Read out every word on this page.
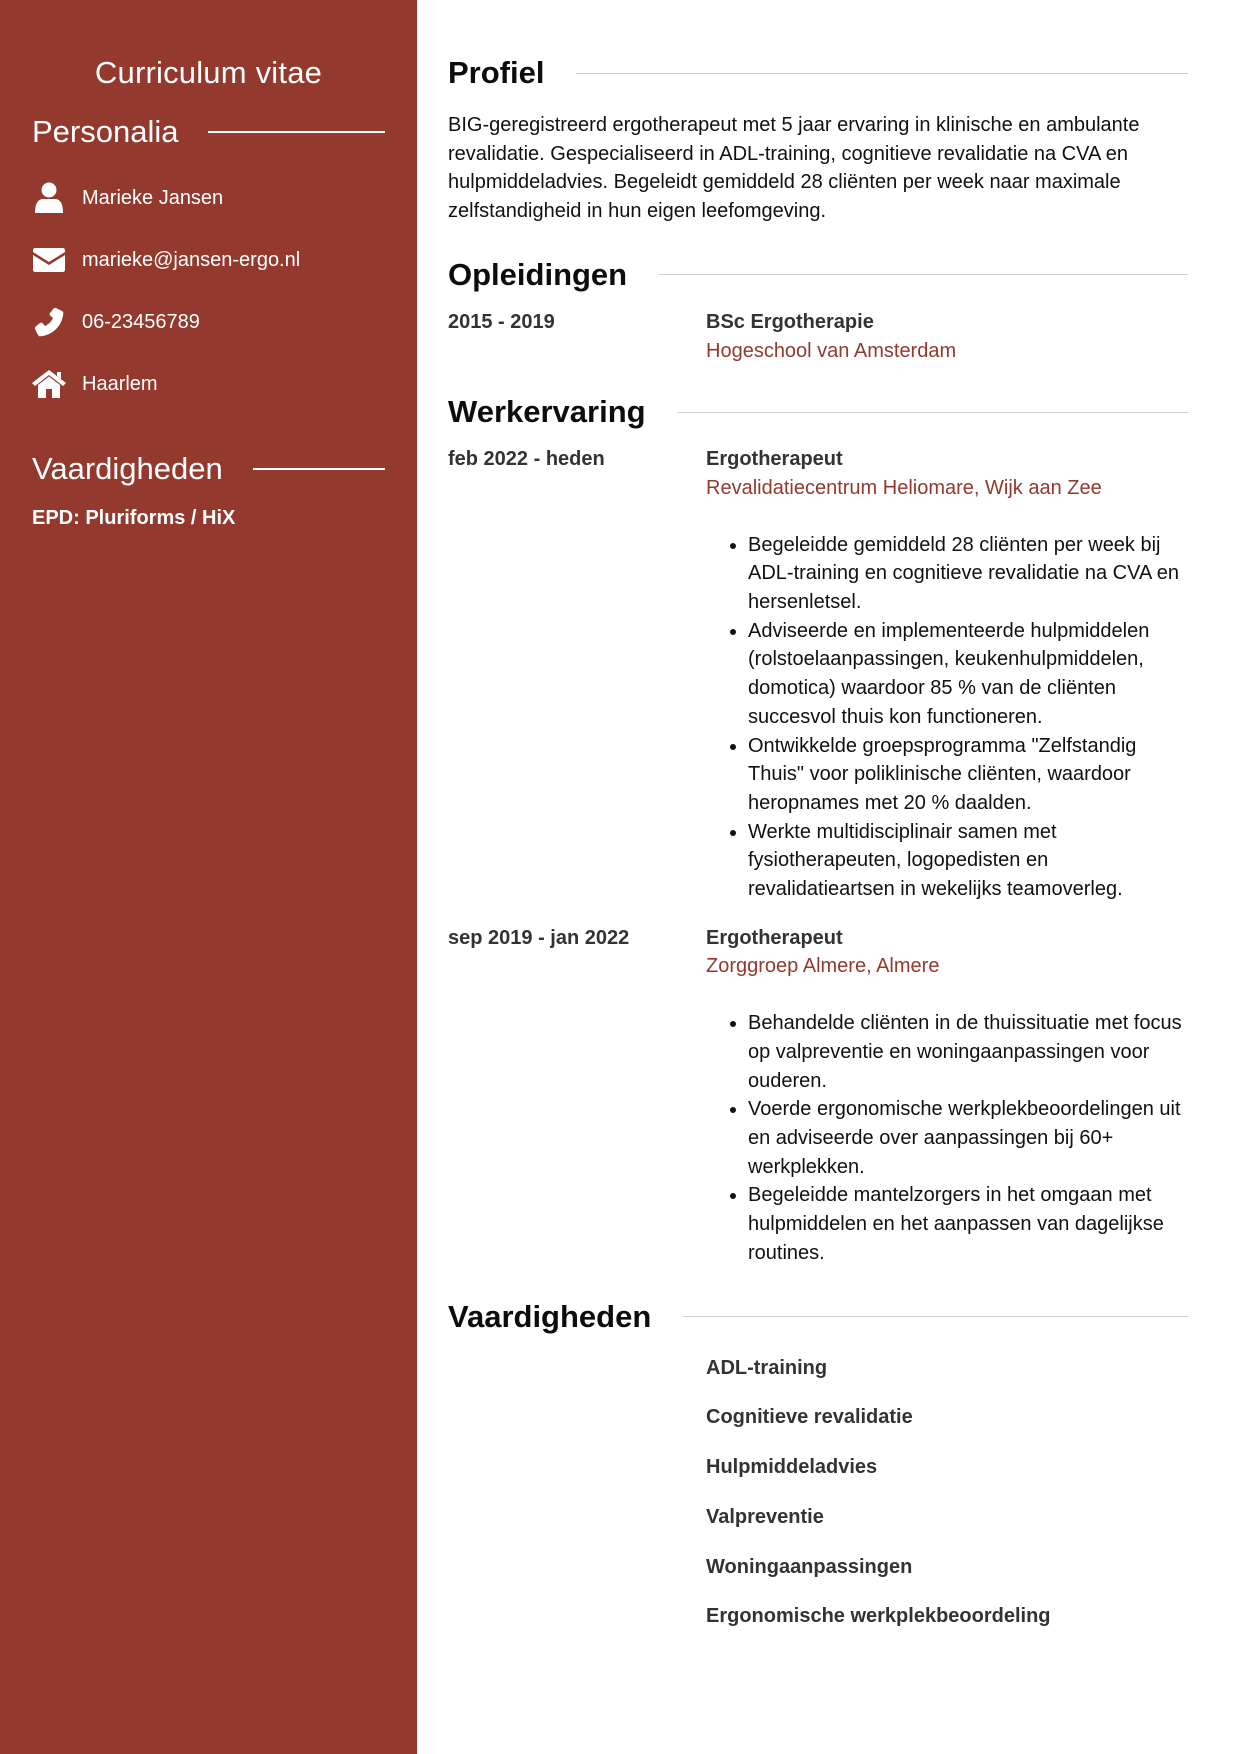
Curriculum vitae
Personalia
Marieke Jansen
marieke@jansen-ergo.nl
06-23456789
Haarlem
Vaardigheden
EPD: Pluriforms / HiX
Profiel

BIG-geregistreerd ergotherapeut met 5 jaar ervaring in klinische en ambulante revalidatie. Gespecialiseerd in ADL-training, cognitieve revalidatie na CVA en hulpmiddeladvies. Begeleidt gemiddeld 28 cliënten per week naar maximale zelfstandigheid in hun eigen leefomgeving.

Opleidingen
2015 - 2019	BSc Ergotherapie
Hogeschool van Amsterdam
Werkervaring
feb 2022 - heden	Ergotherapeut
Revalidatiecentrum Heliomare, Wijk aan Zee
• Begeleidde gemiddeld 28 cliënten per week bij ADL-training en cognitieve revalidatie na CVA en hersenletsel.
• Adviseerde en implementeerde hulpmiddelen (rolstoelaanpassingen, keukenhulpmiddelen, domotica) waardoor 85 % van de cliënten succesvol thuis kon functioneren.
• Ontwikkelde groepsprogramma "Zelfstandig Thuis" voor poliklinische cliënten, waardoor heropnames met 20 % daalden.
• Werkte multidisciplinair samen met fysiotherapeuten, logopedisten en revalidatieartsen in wekelijks teamoverleg.
sep 2019 - jan 2022	Ergotherapeut
Zorggroep Almere, Almere
• Behandelde cliënten in de thuissituatie met focus op valpreventie en woningaanpassingen voor ouderen.
• Voerde ergonomische werkplekbeoordelingen uit en adviseerde over aanpassingen bij 60+ werkplekken.
• Begeleidde mantelzorgers in het omgaan met hulpmiddelen en het aanpassen van dagelijkse routines.
Vaardigheden
ADL-training
Cognitieve revalidatie
Hulpmiddeladvies
Valpreventie
Woningaanpassingen
Ergonomische werkplekbeoordeling
